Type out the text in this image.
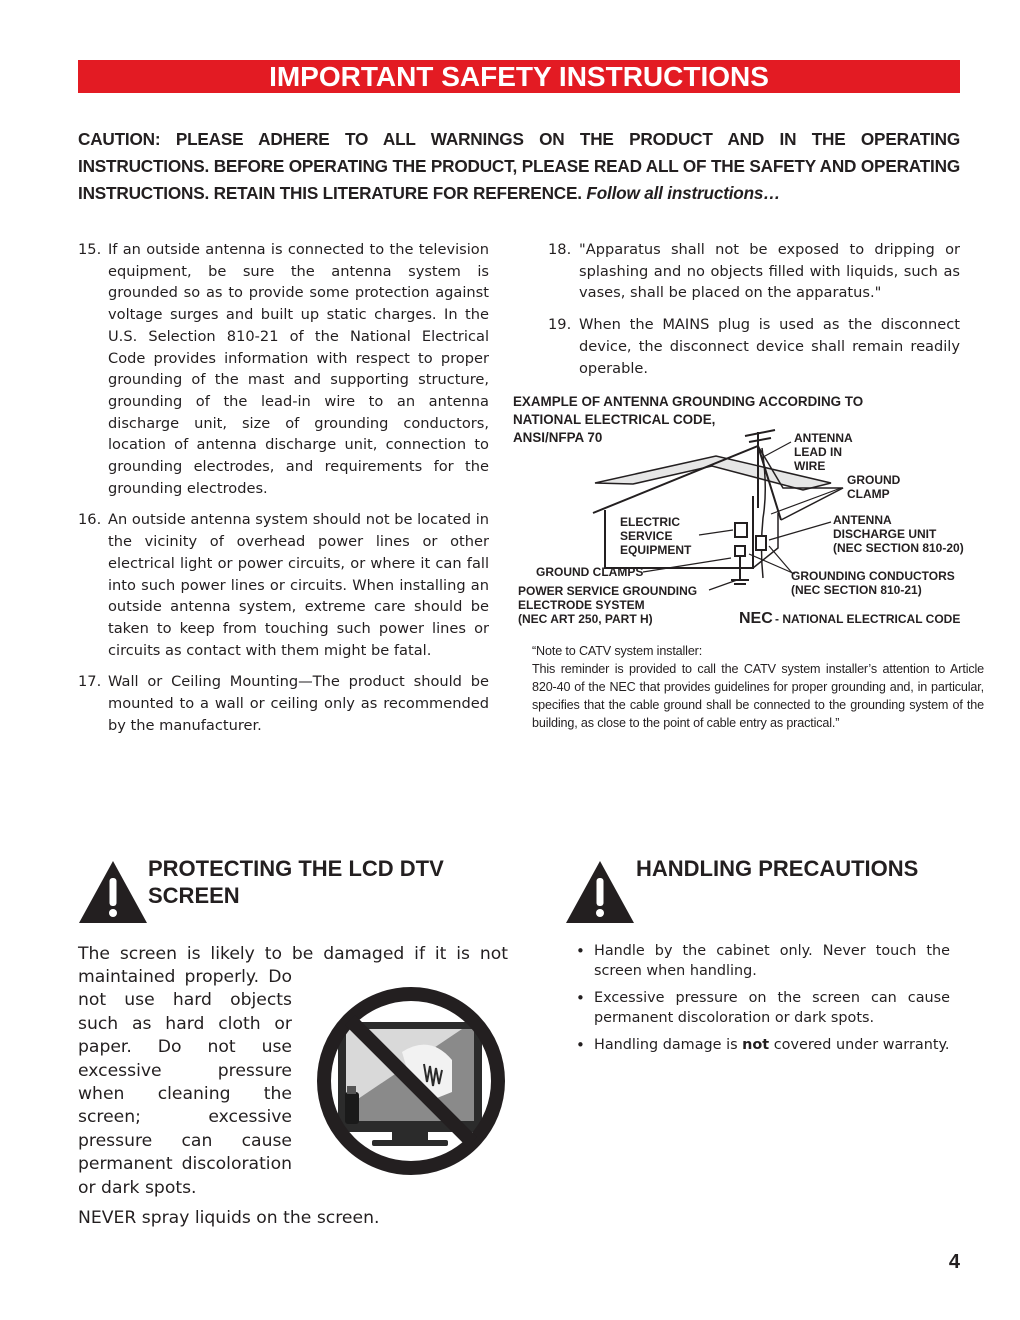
IMPORTANT SAFETY INSTRUCTIONS
CAUTION: PLEASE ADHERE TO ALL WARNINGS ON THE PRODUCT AND IN THE OPERATING INSTRUCTIONS. BEFORE OPERATING THE PRODUCT, PLEASE READ ALL OF THE SAFETY AND OPERATING INSTRUCTIONS. RETAIN THIS LITERATURE FOR REFERENCE. Follow all instructions…
15. If an outside antenna is connected to the television equipment, be sure the antenna system is grounded so as to provide some protection against voltage surges and built up static charges. In the U.S. Selection 810-21 of the National Electrical Code provides information with respect to proper grounding of the mast and supporting structure, grounding of the lead-in wire to an antenna discharge unit, size of grounding conductors, location of antenna discharge unit, connection to grounding electrodes, and requirements for the grounding electrodes.
16. An outside antenna system should not be located in the vicinity of overhead power lines or other electrical light or power circuits, or where it can fall into such power lines or circuits. When installing an outside antenna system, extreme care should be taken to keep from touching such power lines or circuits as contact with them might be fatal.
17. Wall or Ceiling Mounting—The product should be mounted to a wall or ceiling only as recommended by the manufacturer.
18. "Apparatus shall not be exposed to dripping or splashing and no objects filled with liquids, such as vases, shall be placed on the apparatus."
19. When the MAINS plug is used as the disconnect device, the disconnect device shall remain readily operable.
EXAMPLE OF ANTENNA GROUNDING ACCORDING TO
NATIONAL ELECTRICAL CODE,
ANSI/NFPA 70	ANTENNA
LEAD IN
WIRE
GROUND
CLAMP
ANTENNA
DISCHARGE UNIT
(NEC SECTION 810-20)
ELECTRIC
SERVICE
EQUIPMENT
GROUND CLAMPS
POWER SERVICE GROUNDING
ELECTRODE SYSTEM
(NEC ART 250, PART H)
GROUNDING CONDUCTORS
(NEC SECTION 810-21)
NEC - NATIONAL ELECTRICAL CODE
“Note to CATV system installer:
This reminder is provided to call the CATV system installer’s attention to Article 820-40 of the NEC that provides guidelines for proper grounding and, in particular, specifies that the cable ground shall be connected to the grounding system of the building, as close to the point of cable entry as practical.”
PROTECTING THE LCD DTV
SCREEN
The screen is likely to be damaged if it is not
maintained properly. Do not use hard objects such as hard cloth or paper. Do not use excessive pressure when cleaning the screen; excessive pressure can cause permanent discoloration or dark spots.
NEVER spray liquids on the screen.
HANDLING PRECAUTIONS
• Handle by the cabinet only. Never touch the screen when handling.
• Excessive pressure on the screen can cause permanent discoloration or dark spots.
• Handling damage is not covered under warranty.
4
